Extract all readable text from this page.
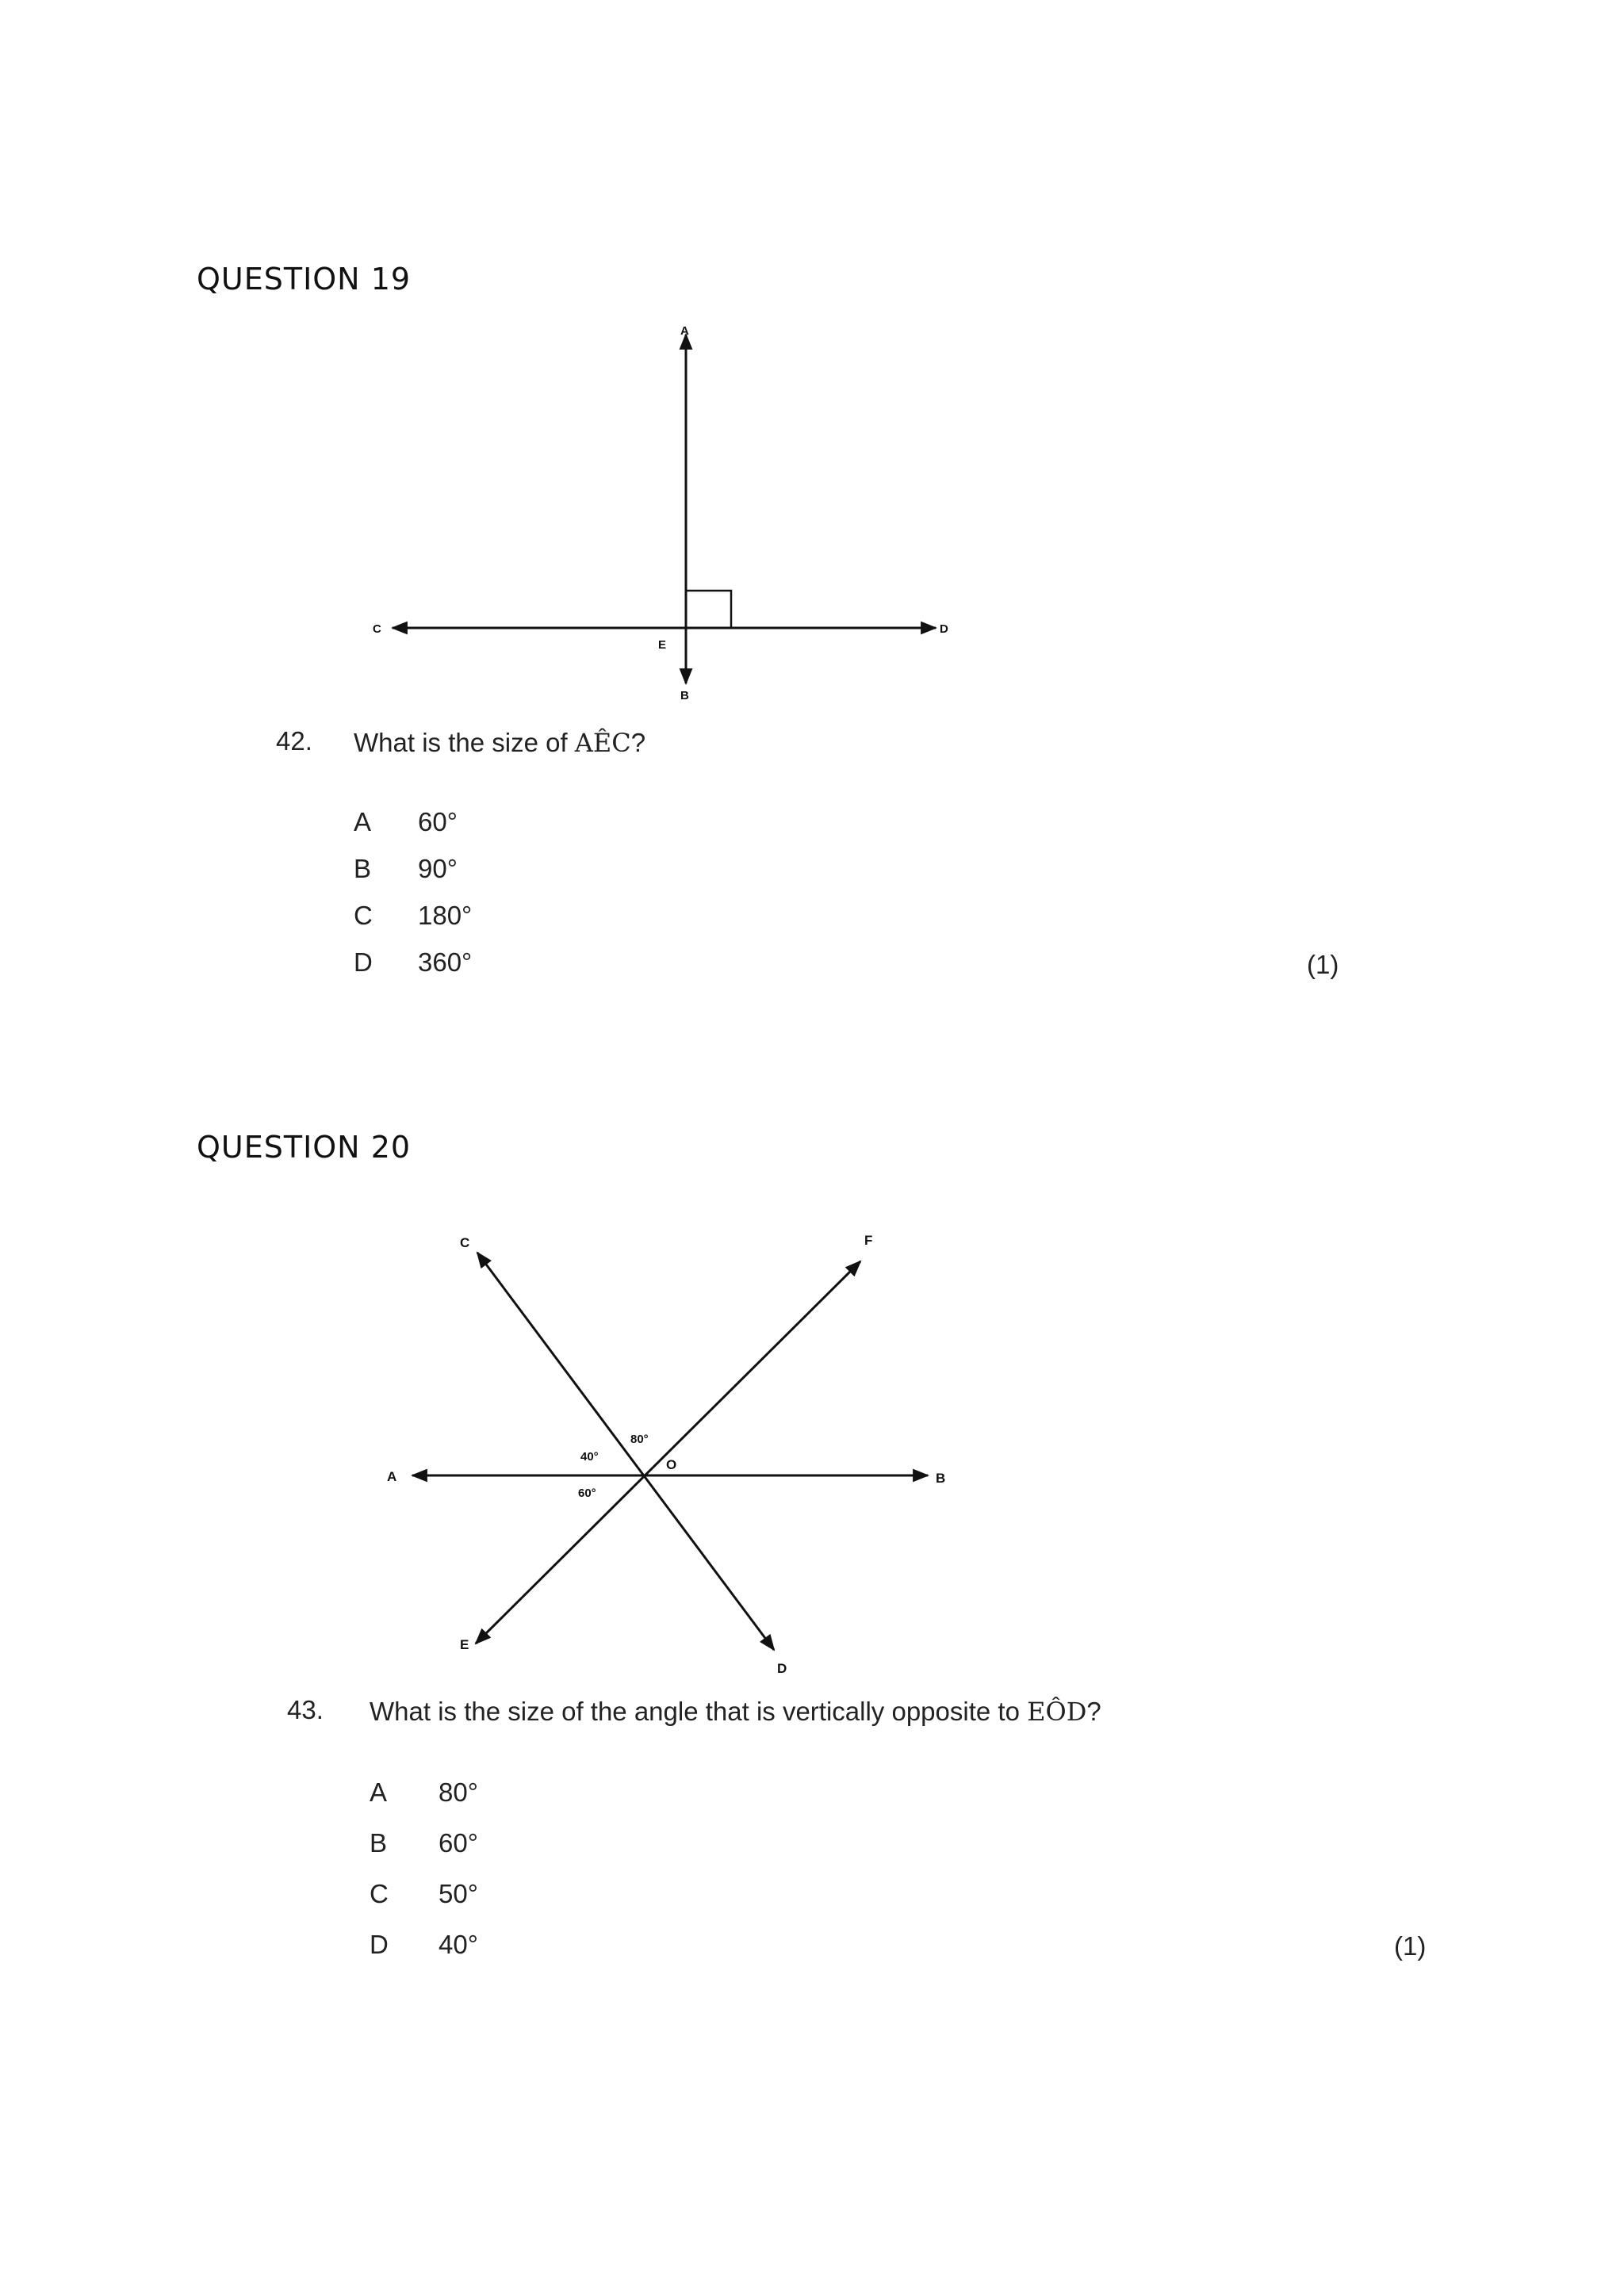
QUESTION 19
A
B
C	D
E
42. What is the size of AÊC?
A 60°
B 90°
C 180°
D 360°	(1)
QUESTION 20
A	B
C
D
E
F
O
80°
40°
60°
43. What is the size of the angle that is vertically opposite to EÔD?
A 80°
B 60°
C 50°
D 40°	(1)
